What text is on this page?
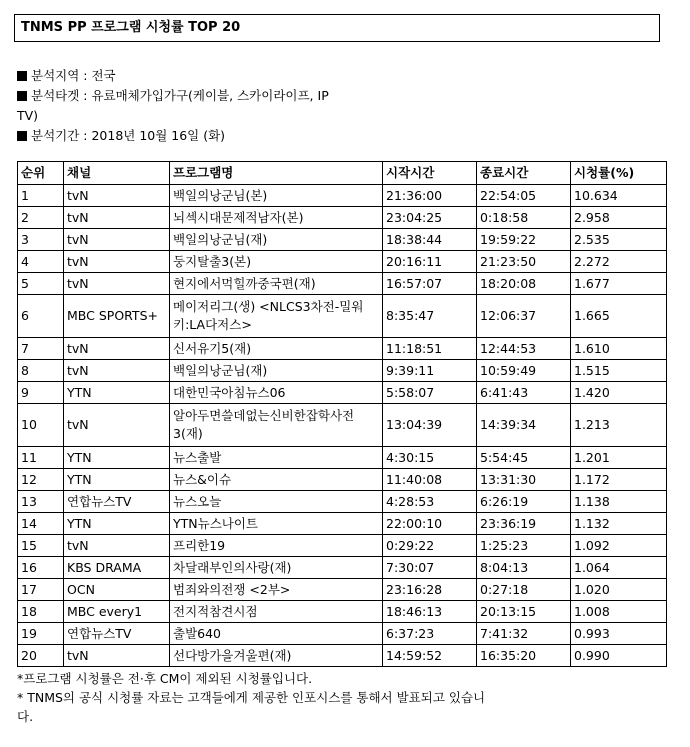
TNMS PP 프로그램 시청률 TOP 20
분석지역 : 전국
분석타겟 : 유료매체가입가구(케이블, 스카이라이프, IP
TV)
분석기간 : 2018년 10월 16일 (화)
순위	채널	프로그램명	시작시간	종료시간	시청률(%)
1	tvN	백일의낭군님(본)	21:36:00	22:54:05	10.634
2	tvN	뇌섹시대문제적남자(본)	23:04:25	0:18:58	2.958
3	tvN	백일의낭군님(재)	18:38:44	19:59:22	2.535
4	tvN	둥지탈출3(본)	20:16:11	21:23:50	2.272
5	tvN	현지에서먹힐까중국편(재)	16:57:07	18:20:08	1.677
6	MBC SPORTS+	메이저리그(생) <NLCS3차전-밀워키:LA다저스>	8:35:47	12:06:37	1.665
7	tvN	신서유기5(재)	11:18:51	12:44:53	1.610
8	tvN	백일의낭군님(재)	9:39:11	10:59:49	1.515
9	YTN	대한민국아침뉴스06	5:58:07	6:41:43	1.420
10	tvN	알아두면쓸데없는신비한잡학사전3(재)	13:04:39	14:39:34	1.213
11	YTN	뉴스출발	4:30:15	5:54:45	1.201
12	YTN	뉴스&이슈	11:40:08	13:31:30	1.172
13	연합뉴스TV	뉴스오늘	4:28:53	6:26:19	1.138
14	YTN	YTN뉴스나이트	22:00:10	23:36:19	1.132
15	tvN	프리한19	0:29:22	1:25:23	1.092
16	KBS DRAMA	차달래부인의사랑(재)	7:30:07	8:04:13	1.064
17	OCN	범죄와의전쟁 <2부>	23:16:28	0:27:18	1.020
18	MBC every1	전지적참견시점	18:46:13	20:13:15	1.008
19	연합뉴스TV	출발640	6:37:23	7:41:32	0.993
20	tvN	선다방가을겨울편(재)	14:59:52	16:35:20	0.990
*프로그램 시청률은 전·후 CM이 제외된 시청률입니다.
* TNMS의 공식 시청률 자료는 고객들에게 제공한 인포시스를 통해서 발표되고 있습니다.
